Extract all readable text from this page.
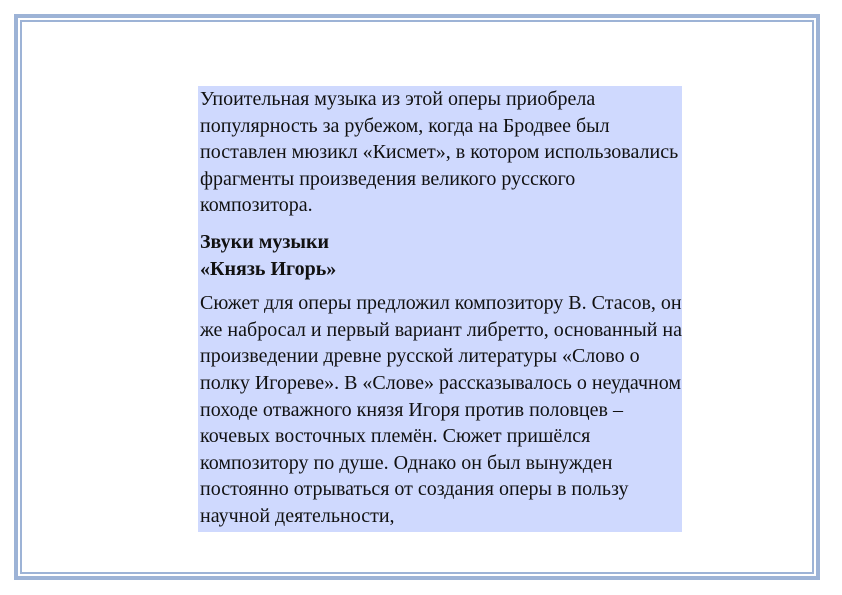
Упоительная музыка из этой оперы приобрела популярность за рубежом, когда на Бродвее был поставлен мюзикл «Кисмет», в котором использовались фрагменты произведения великого русского композитора.

Звуки музыки
«Князь Игорь»

Сюжет для оперы предложил композитору В. Стасов, он же набросал и первый вариант либретто, основанный на произведении древне русской литературы «Слово о полку Игореве». В «Слове» рассказывалось о неудачном походе отважного князя Игоря против половцев – кочевых восточных племён. Сюжет пришёлся композитору по душе. Однако он был вынужден постоянно отрываться от создания оперы в пользу научной деятельности,
